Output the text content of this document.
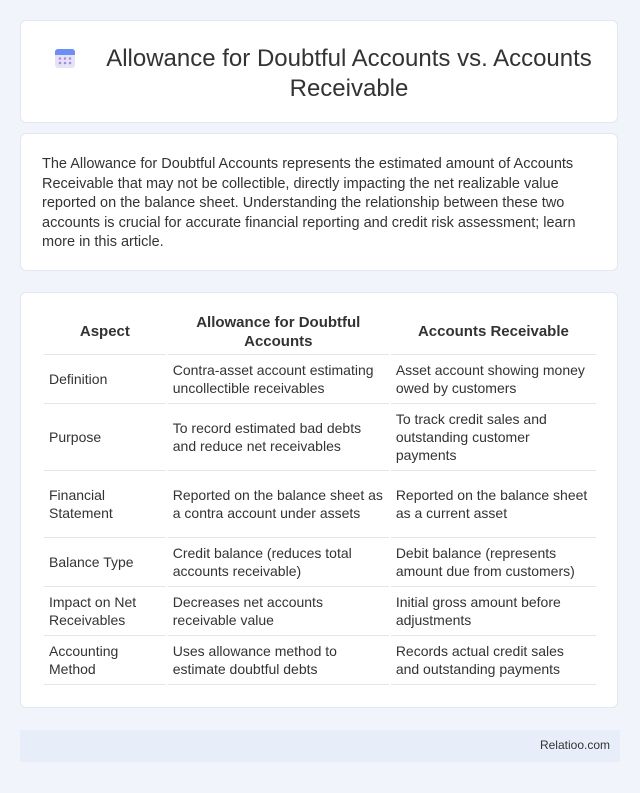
Allowance for Doubtful Accounts vs. Accounts Receivable
The Allowance for Doubtful Accounts represents the estimated amount of Accounts Receivable that may not be collectible, directly impacting the net realizable value reported on the balance sheet. Understanding the relationship between these two accounts is crucial for accurate financial reporting and credit risk assessment; learn more in this article.
Aspect	Allowance for Doubtful Accounts	Accounts Receivable
Definition	Contra-asset account estimating uncollectible receivables	Asset account showing money owed by customers
Purpose	To record estimated bad debts and reduce net receivables	To track credit sales and outstanding customer payments
Financial Statement	Reported on the balance sheet as a contra account under assets	Reported on the balance sheet as a current asset
Balance Type	Credit balance (reduces total accounts receivable)	Debit balance (represents amount due from customers)
Impact on Net Receivables	Decreases net accounts receivable value	Initial gross amount before adjustments
Accounting Method	Uses allowance method to estimate doubtful debts	Records actual credit sales and outstanding payments
Relatioo.com
